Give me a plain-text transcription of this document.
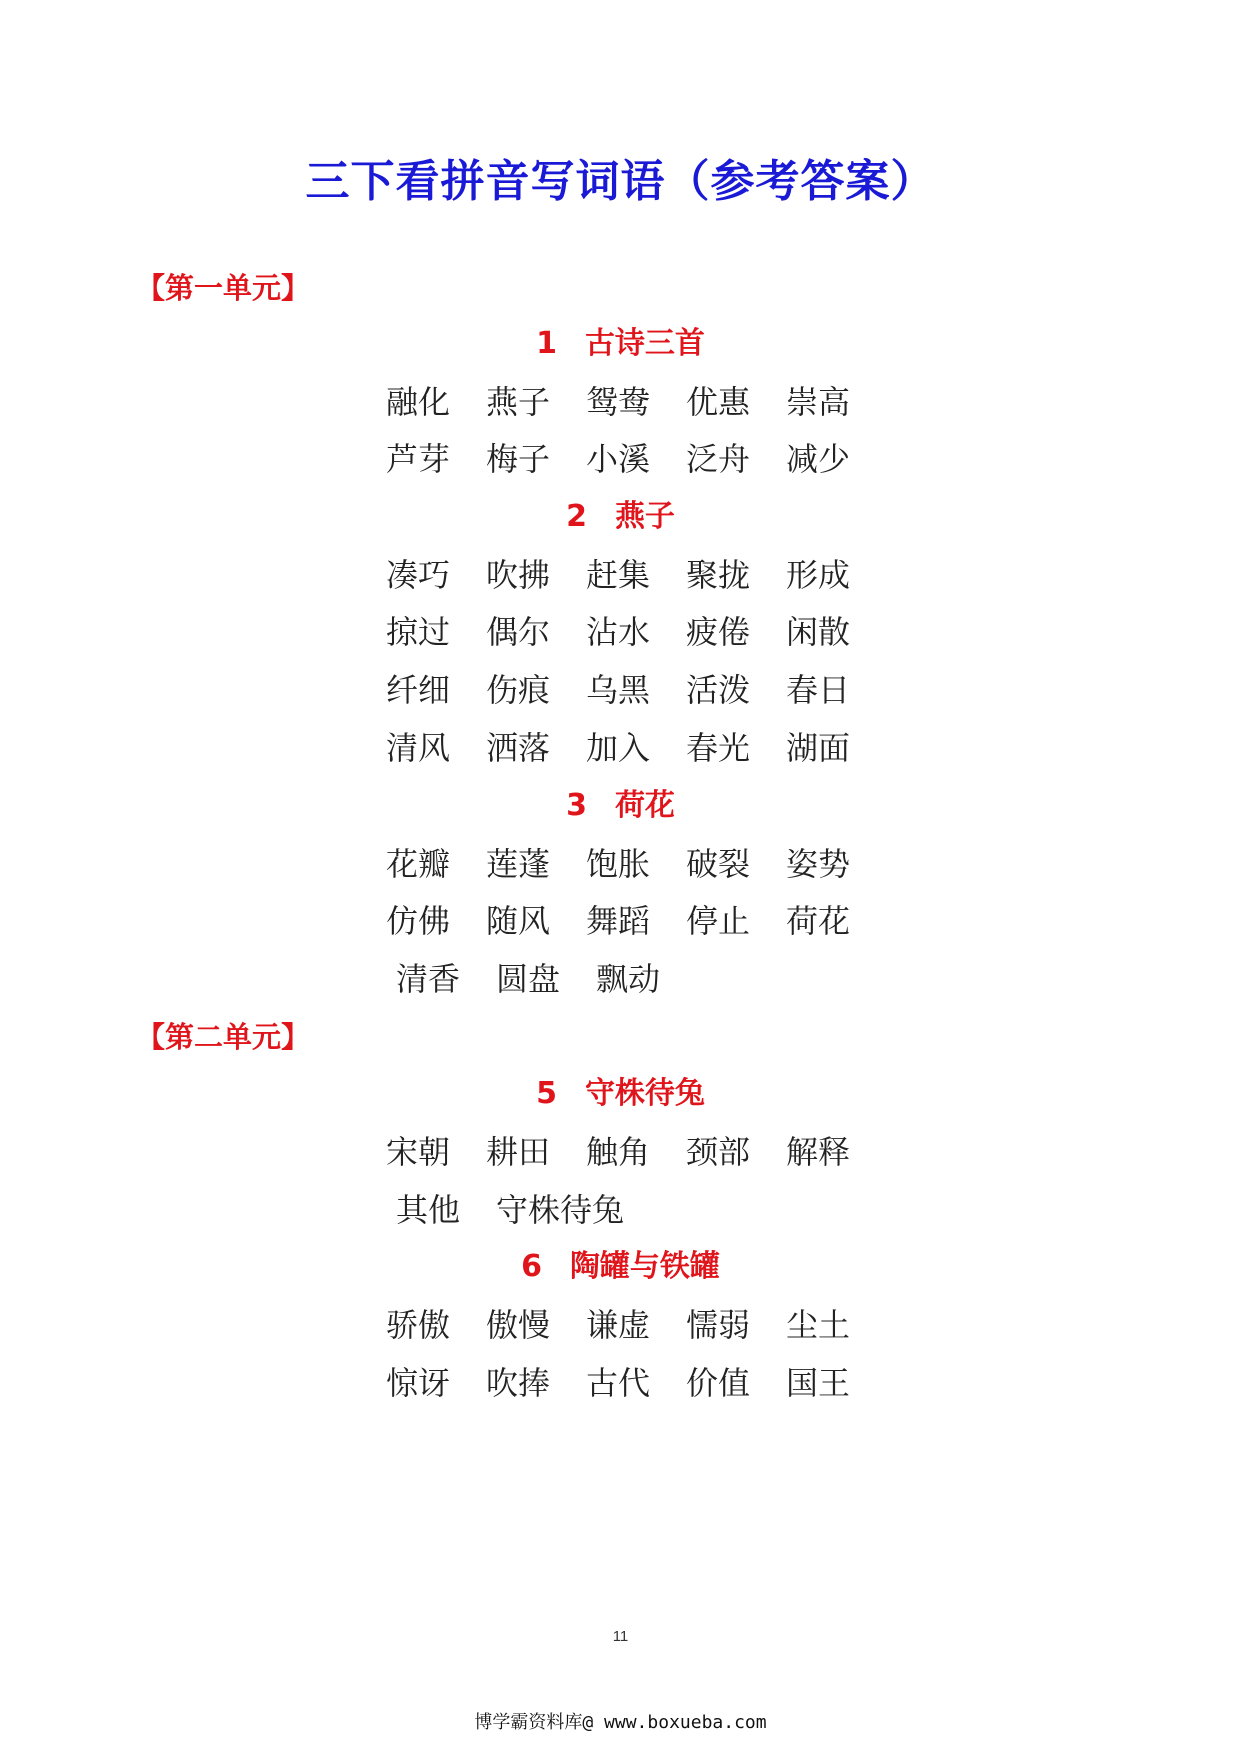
三下看拼音写词语（参考答案）
【第一单元】
1 古诗三首
融化 燕子 鸳鸯 优惠 崇高
芦芽 梅子 小溪 泛舟 减少
2 燕子
凑巧 吹拂 赶集 聚拢 形成
掠过 偶尔 沾水 疲倦 闲散
纤细 伤痕 乌黑 活泼 春日
清风 洒落 加入 春光 湖面
3 荷花
花瓣 莲蓬 饱胀 破裂 姿势
仿佛 随风 舞蹈 停止 荷花
清香 圆盘 飘动
【第二单元】
5 守株待兔
宋朝 耕田 触角 颈部 解释
其他 守株待兔
6 陶罐与铁罐
骄傲 傲慢 谦虚 懦弱 尘土
惊讶 吹捧 古代 价值 国王
11
博学霸资料库@ www.boxueba.com
